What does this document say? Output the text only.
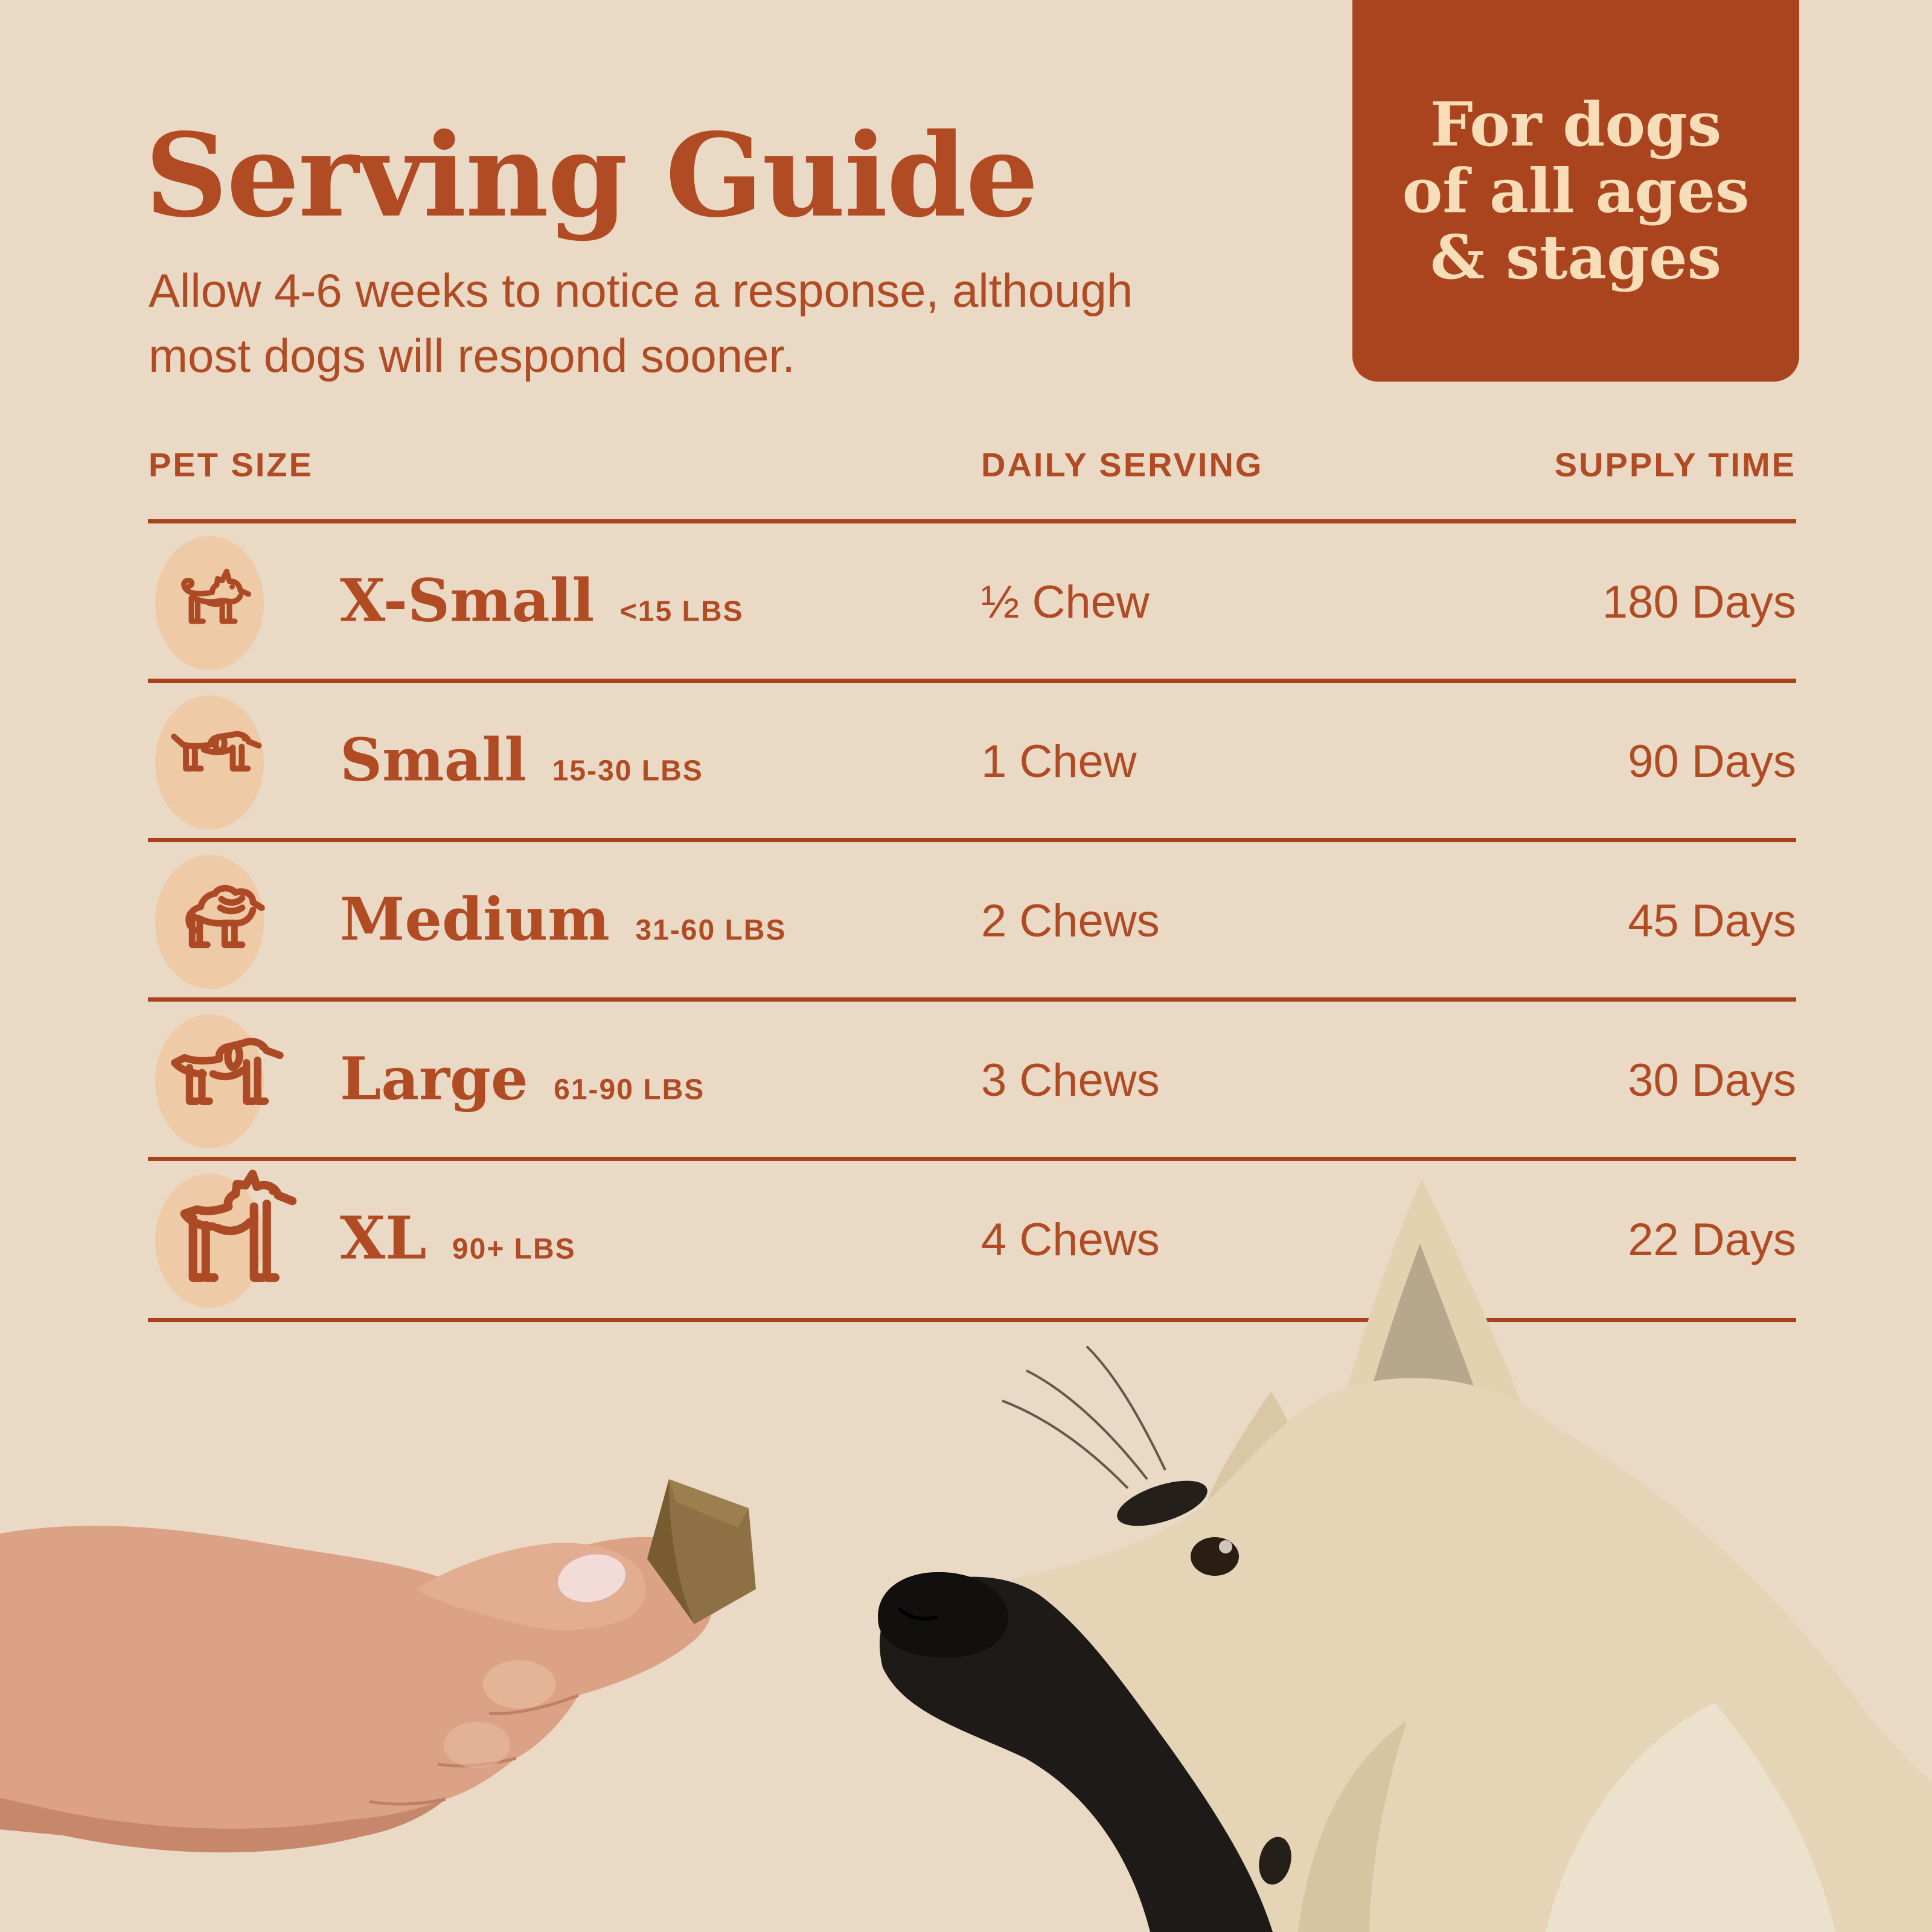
Serving Guide
Allow 4-6 weeks to notice a response, although
most dogs will respond sooner.
For dogs
of all ages
& stages
PET SIZE	DAILY SERVING	SUPPLY TIME
X-Small <15 LBS	½ Chew	180 Days
Small 15-30 LBS	1 Chew	90 Days
Medium 31-60 LBS	2 Chews	45 Days
Large 61-90 LBS	3 Chews	30 Days
XL 90+ LBS	4 Chews	22 Days
